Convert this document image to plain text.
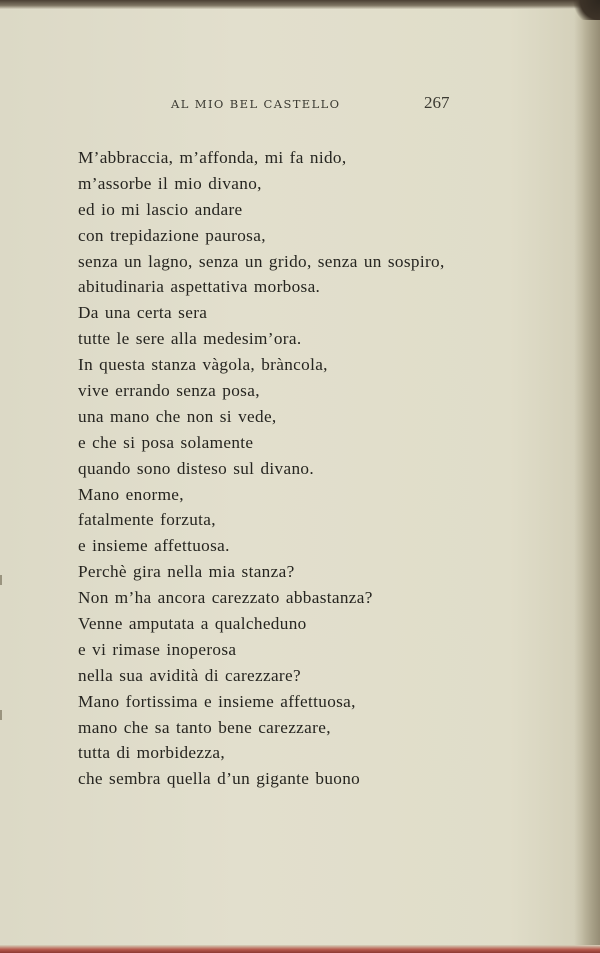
AL MIO BEL CASTELLO	267
M’abbraccia, m’affonda, mi fa nido,
m’assorbe il mio divano,
ed io mi lascio andare
con trepidazione paurosa,
senza un lagno, senza un grido, senza un sospiro,
abitudinaria aspettativa morbosa.
Da una certa sera
tutte le sere alla medesim’ora.
In questa stanza vàgola, bràncola,
vive errando senza posa,
una mano che non si vede,
e che si posa solamente
quando sono disteso sul divano.
Mano enorme,
fatalmente forzuta,
e insieme affettuosa.
Perchè gira nella mia stanza?
Non m’ha ancora carezzato abbastanza?
Venne amputata a qualcheduno
e vi rimase inoperosa
nella sua avidità di carezzare?
Mano fortissima e insieme affettuosa,
mano che sa tanto bene carezzare,
tutta di morbidezza,
che sembra quella d’un gigante buono
